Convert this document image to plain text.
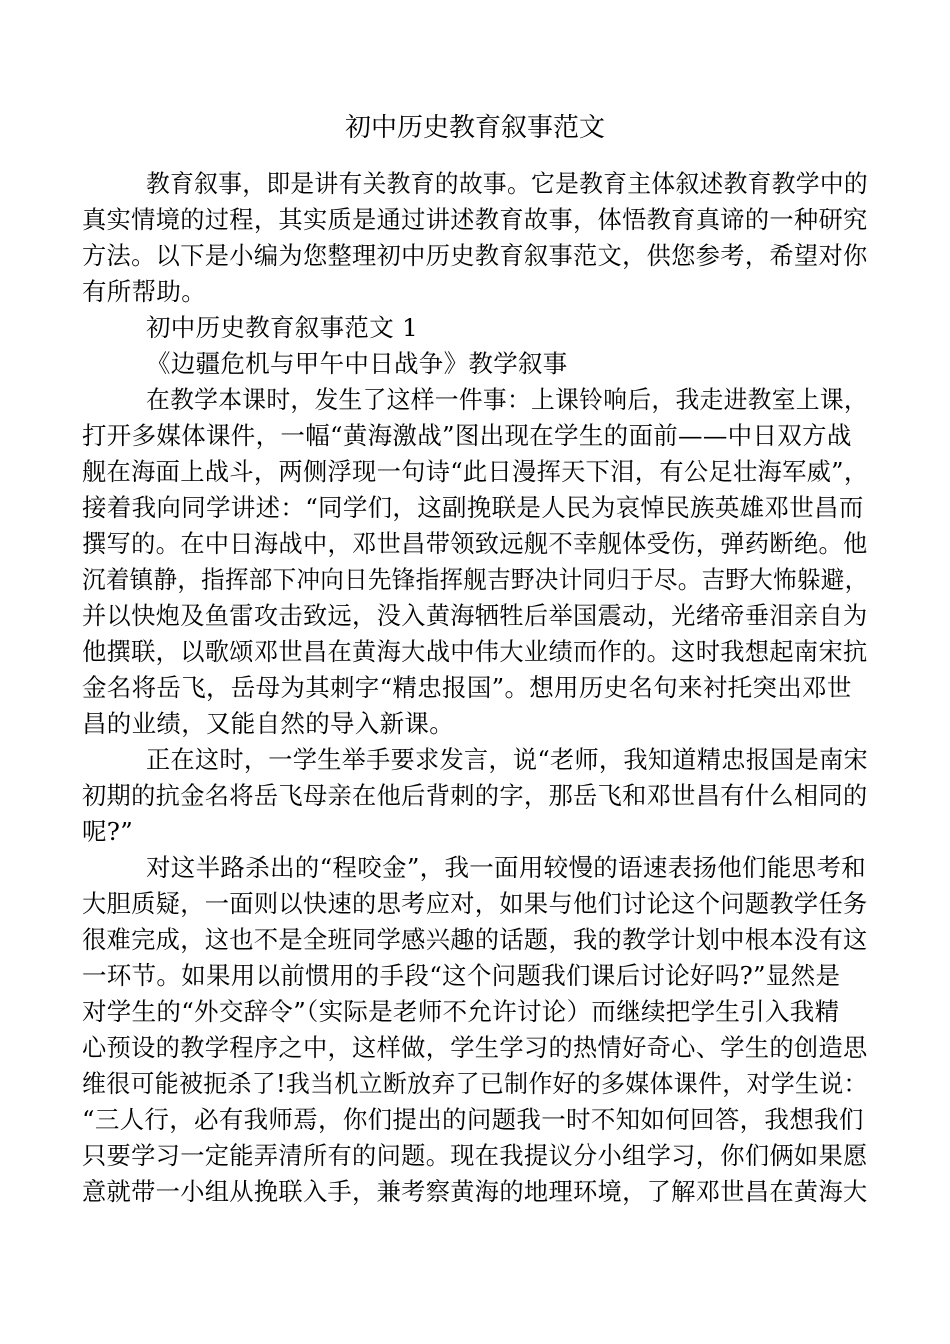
初中历史教育叙事范文
教育叙事，即是讲有关教育的故事。它是教育主体叙述教育教学中的
真实情境的过程，其实质是通过讲述教育故事，体悟教育真谛的一种研究
方法。以下是小编为您整理初中历史教育叙事范文，供您参考，希望对你
有所帮助。
初中历史教育叙事范文 1
《边疆危机与甲午中日战争》教学叙事
在教学本课时，发生了这样一件事：上课铃响后，我走进教室上课，
打开多媒体课件，一幅“黄海激战”图出现在学生的面前——中日双方战
舰在海面上战斗，两侧浮现一句诗“此日漫挥天下泪，有公足壮海军威”，
接着我向同学讲述：“同学们，这副挽联是人民为哀悼民族英雄邓世昌而
撰写的。在中日海战中，邓世昌带领致远舰不幸舰体受伤，弹药断绝。他
沉着镇静，指挥部下冲向日先锋指挥舰吉野决计同归于尽。吉野大怖躲避，
并以快炮及鱼雷攻击致远，没入黄海牺牲后举国震动，光绪帝垂泪亲自为
他撰联，以歌颂邓世昌在黄海大战中伟大业绩而作的。这时我想起南宋抗
金名将岳飞，岳母为其刺字“精忠报国”。想用历史名句来衬托突出邓世
昌的业绩，又能自然的导入新课。
正在这时，一学生举手要求发言，说“老师，我知道精忠报国是南宋
初期的抗金名将岳飞母亲在他后背刺的字，那岳飞和邓世昌有什么相同的
呢?”
对这半路杀出的“程咬金”，我一面用较慢的语速表扬他们能思考和
大胆质疑，一面则以快速的思考应对，如果与他们讨论这个问题教学任务
很难完成，这也不是全班同学感兴趣的话题，我的教学计划中根本没有这
一环节。如果用以前惯用的手段“这个问题我们课后讨论好吗?”显然是
对学生的“外交辞令”（实际是老师不允许讨论）而继续把学生引入我精
心预设的教学程序之中，这样做，学生学习的热情好奇心、学生的创造思
维很可能被扼杀了!我当机立断放弃了已制作好的多媒体课件，对学生说：
“三人行，必有我师焉，你们提出的问题我一时不知如何回答，我想我们
只要学习一定能弄清所有的问题。现在我提议分小组学习，你们俩如果愿
意就带一小组从挽联入手，兼考察黄海的地理环境，了解邓世昌在黄海大
